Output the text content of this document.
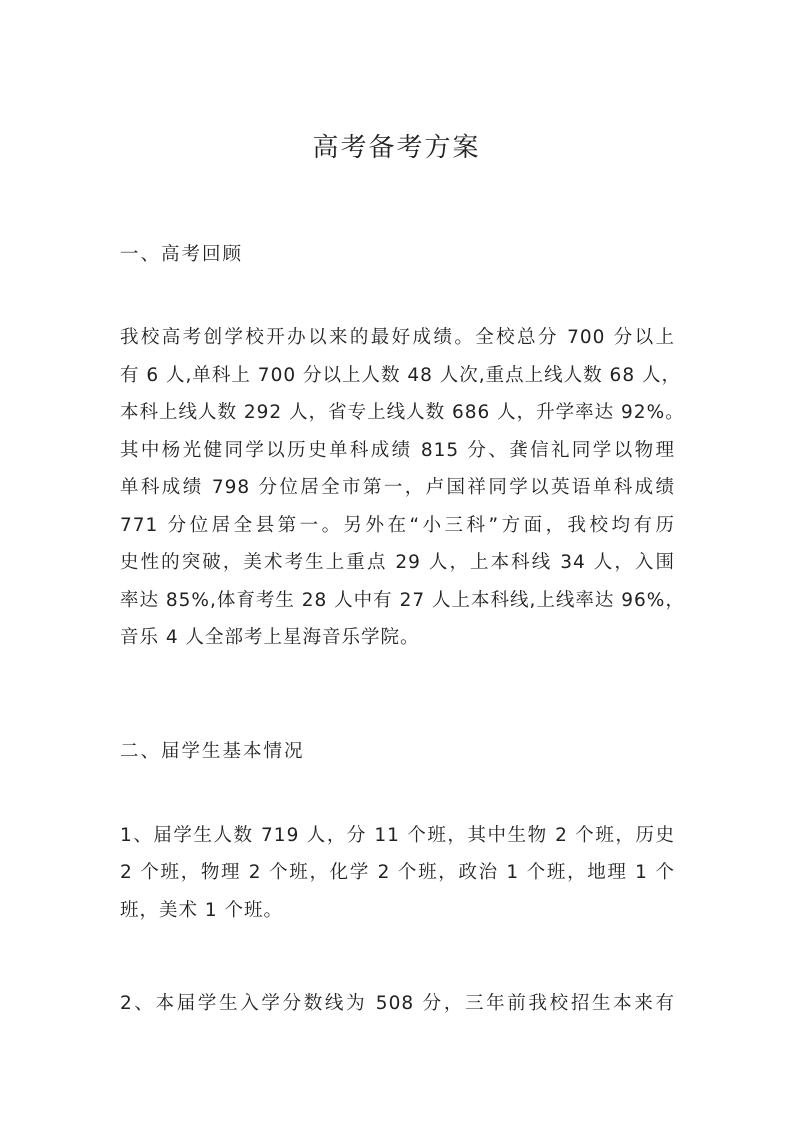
高考备考方案
一、高考回顾
我校高考创学校开办以来的最好成绩。全校总分 700 分以上
有 6 人,单科上 700 分以上人数 48 人次,重点上线人数 68 人，
本科上线人数 292 人，省专上线人数 686 人，升学率达 92%。
其中杨光健同学以历史单科成绩 815 分、龚信礼同学以物理
单科成绩 798 分位居全市第一，卢国祥同学以英语单科成绩
771 分位居全县第一。另外在“小三科”方面，我校均有历
史性的突破，美术考生上重点 29 人，上本科线 34 人，入围
率达 85%,体育考生 28 人中有 27 人上本科线,上线率达 96%，
音乐 4 人全部考上星海音乐学院。
二、届学生基本情况
1、届学生人数 719 人，分 11 个班，其中生物 2 个班，历史
2 个班，物理 2 个班，化学 2 个班，政治 1 个班，地理 1 个
班，美术 1 个班。
2、本届学生入学分数线为 508 分，三年前我校招生本来有
